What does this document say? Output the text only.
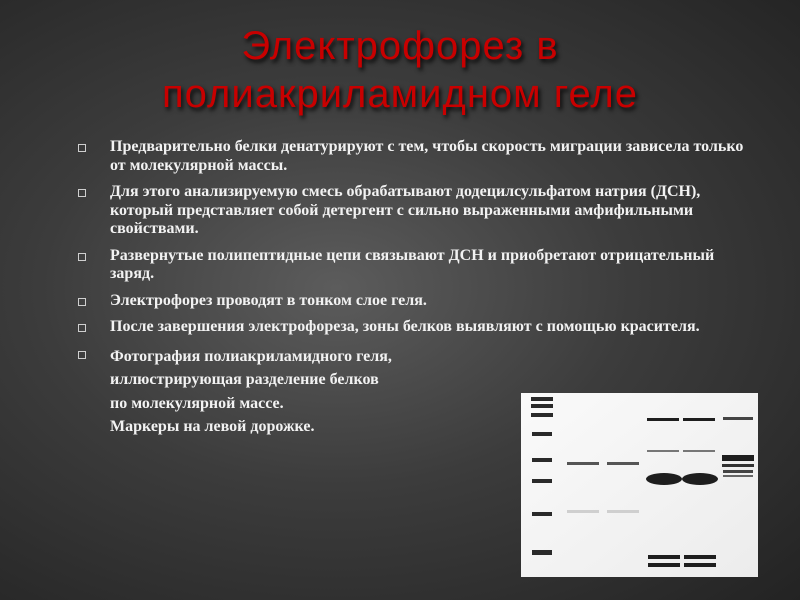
Электрофорез в
полиакриламидном геле
Предварительно белки денатурируют с тем, чтобы скорость миграции зависела только от молекулярной массы.
Для этого анализируемую смесь обрабатывают додецилсульфатом натрия (ДСН), который представляет собой детергент с сильно выраженными амфифильными свойствами.
Развернутые полипептидные цепи связывают ДСН и приобретают отрицательный заряд.
Электрофорез проводят в тонком слое геля.
После завершения электрофореза, зоны белков выявляют с помощью красителя.
Фотография полиакриламидного геля,
иллюстрирующая разделение белков
по молекулярной массе.
Маркеры на левой дорожке.
